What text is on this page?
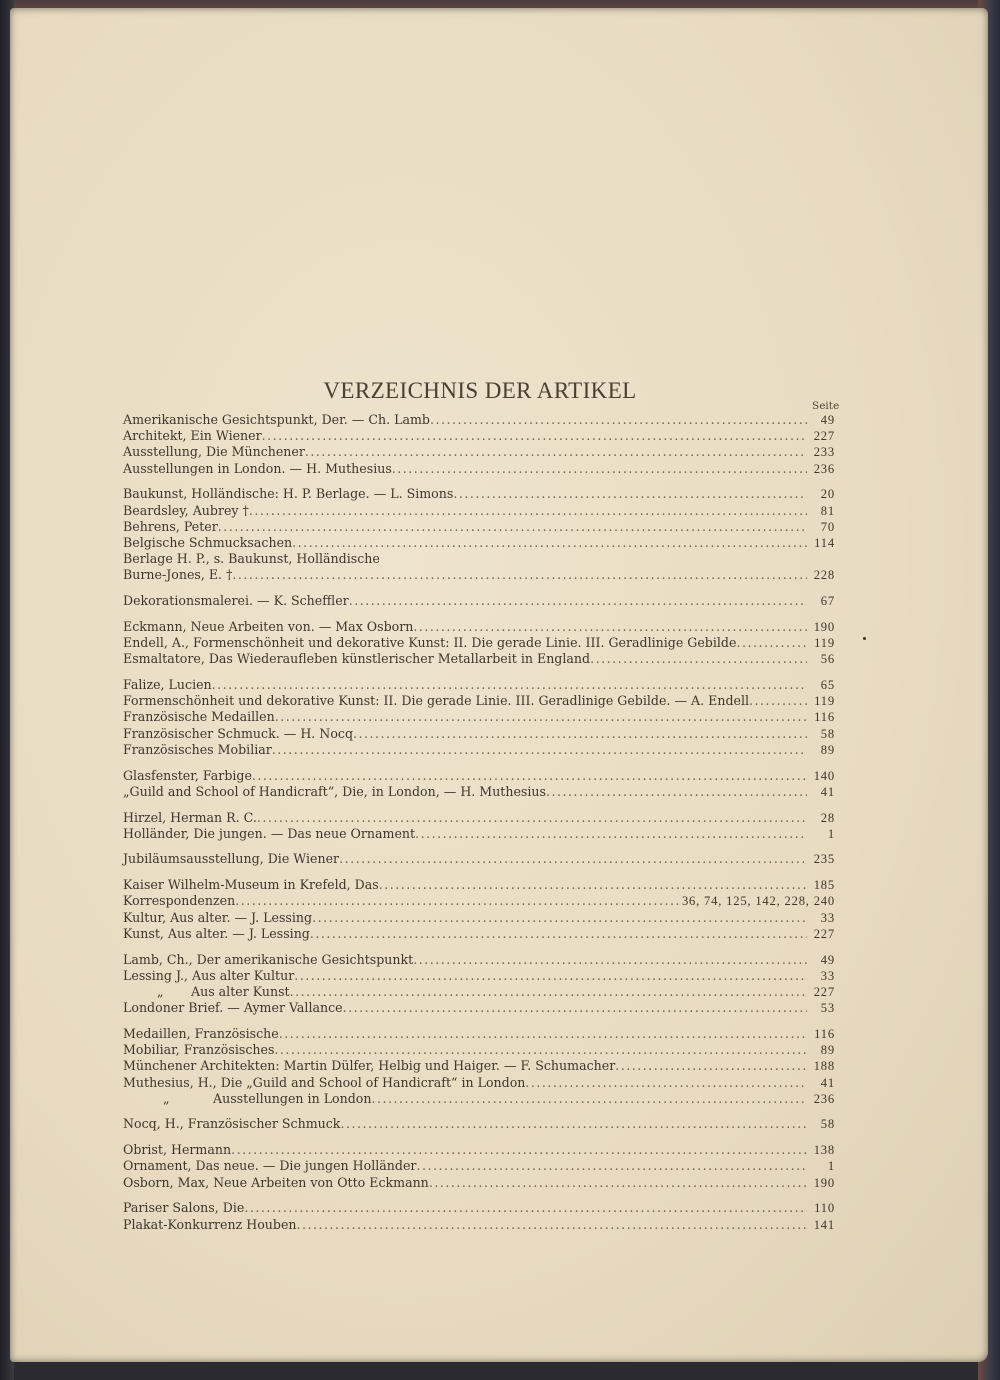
VERZEICHNIS DER ARTIKEL
Seite
Amerikanische Gesichtspunkt, Der. — Ch. Lamb .....	49
Architekt, Ein Wiener .....	227
Ausstellung, Die Münchener .....	233
Ausstellungen in London. — H. Muthesius .....	236
Baukunst, Holländische: H. P. Berlage. — L. Simons .....	20
Beardsley, Aubrey † .....	81
Behrens, Peter .....	70
Belgische Schmucksachen .....	114
Berlage H. P., s. Baukunst, Holländische
Burne-Jones, E. † .....	228
Dekorationsmalerei. — K. Scheffler .....	67
Eckmann, Neue Arbeiten von. — Max Osborn .....	190
Endell, A., Formenschönheit und dekorative Kunst: II. Die gerade Linie. III. Geradlinige Gebilde .....	119
Esmaltatore, Das Wiederaufleben künstlerischer Metallarbeit in England .....	56
Falize, Lucien .....	65
Formenschönheit und dekorative Kunst: II. Die gerade Linie. III. Geradlinige Gebilde. — A. Endell .....	119
Französische Medaillen .....	116
Französischer Schmuck. — H. Nocq .....	58
Französisches Mobiliar .....	89
Glasfenster, Farbige .....	140
„Guild and School of Handicraft“, Die, in London, — H. Muthesius .....	41
Hirzel, Herman R. C. .....	28
Holländer, Die jungen. — Das neue Ornament .....	1
Jubiläumsausstellung, Die Wiener .....	235
Kaiser Wilhelm-Museum in Krefeld, Das .....	185
Korrespondenzen .....	36, 74, 125, 142, 228, 240
Kultur, Aus alter. — J. Lessing .....	33
Kunst, Aus alter. — J. Lessing .....	227
Lamb, Ch., Der amerikanische Gesichtspunkt .....	49
Lessing J., Aus alter Kultur .....	33
„ Aus alter Kunst .....	227
Londoner Brief. — Aymer Vallance .....	53
Medaillen, Französische .....	116
Mobiliar, Französisches .....	89
Münchener Architekten: Martin Dülfer, Helbig und Haiger. — F. Schumacher .....	188
Muthesius, H., Die „Guild and School of Handicraft“ in London .....	41
„	Ausstellungen in London .....	236
Nocq, H., Französischer Schmuck .....	58
Obrist, Hermann .....	138
Ornament, Das neue. — Die jungen Holländer .....	1
Osborn, Max, Neue Arbeiten von Otto Eckmann .....	190
Pariser Salons, Die .....	110
Plakat-Konkurrenz Houben .....	141
